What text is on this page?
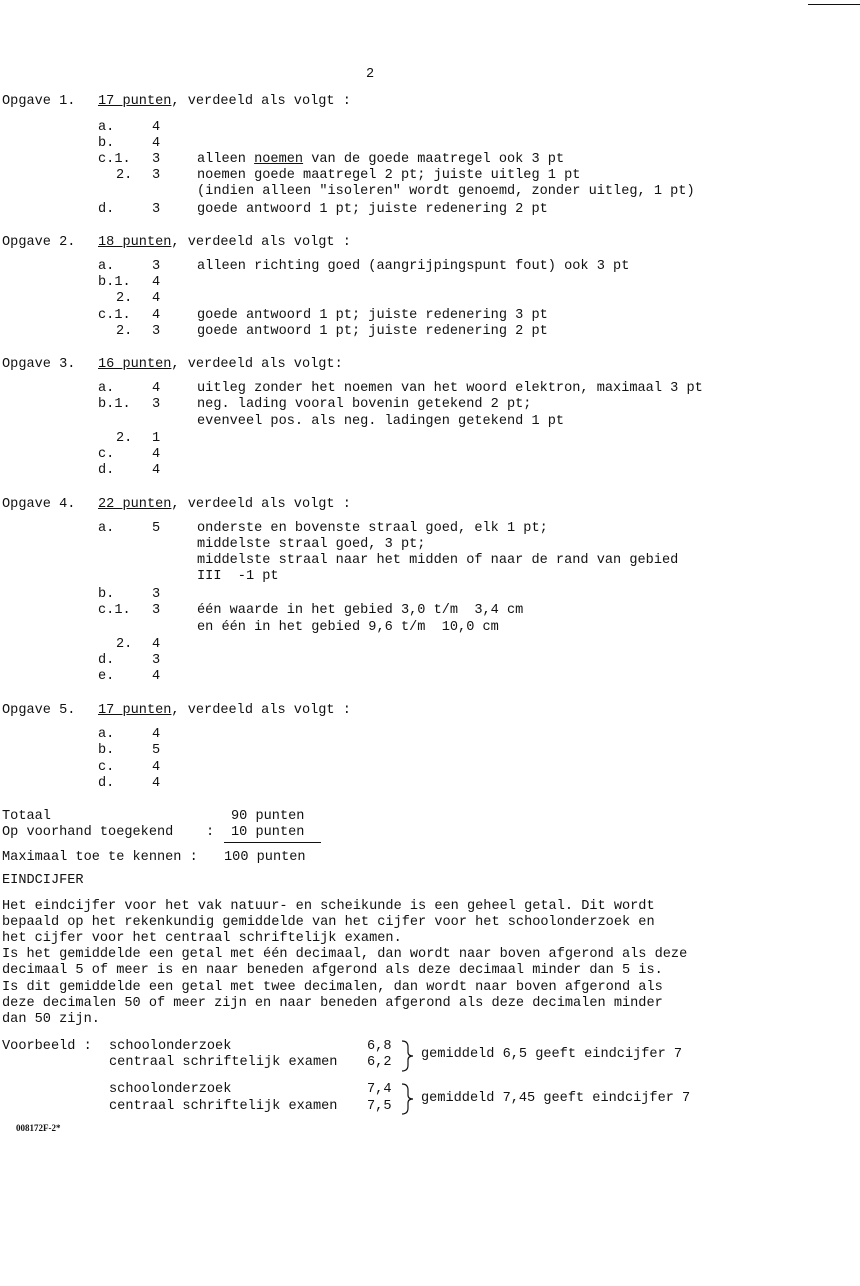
2
Opgave 1. 17 punten, verdeeld als volgt :
a.	4
b.	4
c.1. 3	alleen noemen van de goede maatregel ook 3 pt
2. 3	noemen goede maatregel 2 pt; juiste uitleg 1 pt
(indien alleen "isoleren" wordt genoemd, zonder uitleg, 1 pt)
d.	3	goede antwoord 1 pt; juiste redenering 2 pt
Opgave 2. 18 punten, verdeeld als volgt :
a.	3	alleen richting goed (aangrijpingspunt fout) ook 3 pt
b.1. 4
2. 4
c.1. 4	goede antwoord 1 pt; juiste redenering 3 pt
2. 3	goede antwoord 1 pt; juiste redenering 2 pt
Opgave 3. 16 punten, verdeeld als volgt:
a.	4	uitleg zonder het noemen van het woord elektron, maximaal 3 pt
b.1. 3	neg. lading vooral bovenin getekend 2 pt;
evenveel pos. als neg. ladingen getekend 1 pt
2. 1
c.	4
d.	4
Opgave 4. 22 punten, verdeeld als volgt :
a.	5	onderste en bovenste straal goed, elk 1 pt;
middelste straal goed, 3 pt;
middelste straal naar het midden of naar de rand van gebied
III  -1 pt
b.	3
c.1. 3	één waarde in het gebied 3,0 t/m  3,4 cm
en één in het gebied 9,6 t/m  10,0 cm
2. 4
d.	3
e.	4
Opgave 5. 17 punten, verdeeld als volgt :
a.	4
b.	5
c.	4
d.	4
Totaal	90 punten
Op voorhand toegekend : 10 punten
Maximaal toe te kennen : 100 punten
EINDCIJFER
Het eindcijfer voor het vak natuur- en scheikunde is een geheel getal. Dit wordt
bepaald op het rekenkundig gemiddelde van het cijfer voor het schoolonderzoek en
het cijfer voor het centraal schriftelijk examen.
Is het gemiddelde een getal met één decimaal, dan wordt naar boven afgerond als deze
decimaal 5 of meer is en naar beneden afgerond als deze decimaal minder dan 5 is.
Is dit gemiddelde een getal met twee decimalen, dan wordt naar boven afgerond als
deze decimalen 50 of meer zijn en naar beneden afgerond als deze decimalen minder
dan 50 zijn.
Voorbeeld : schoolonderzoek	6,8
centraal schriftelijk examen 6,2
gemiddeld 6,5 geeft eindcijfer 7
schoolonderzoek	7,4
centraal schriftelijk examen 7,5
gemiddeld 7,45 geeft eindcijfer 7
008172F-2*
